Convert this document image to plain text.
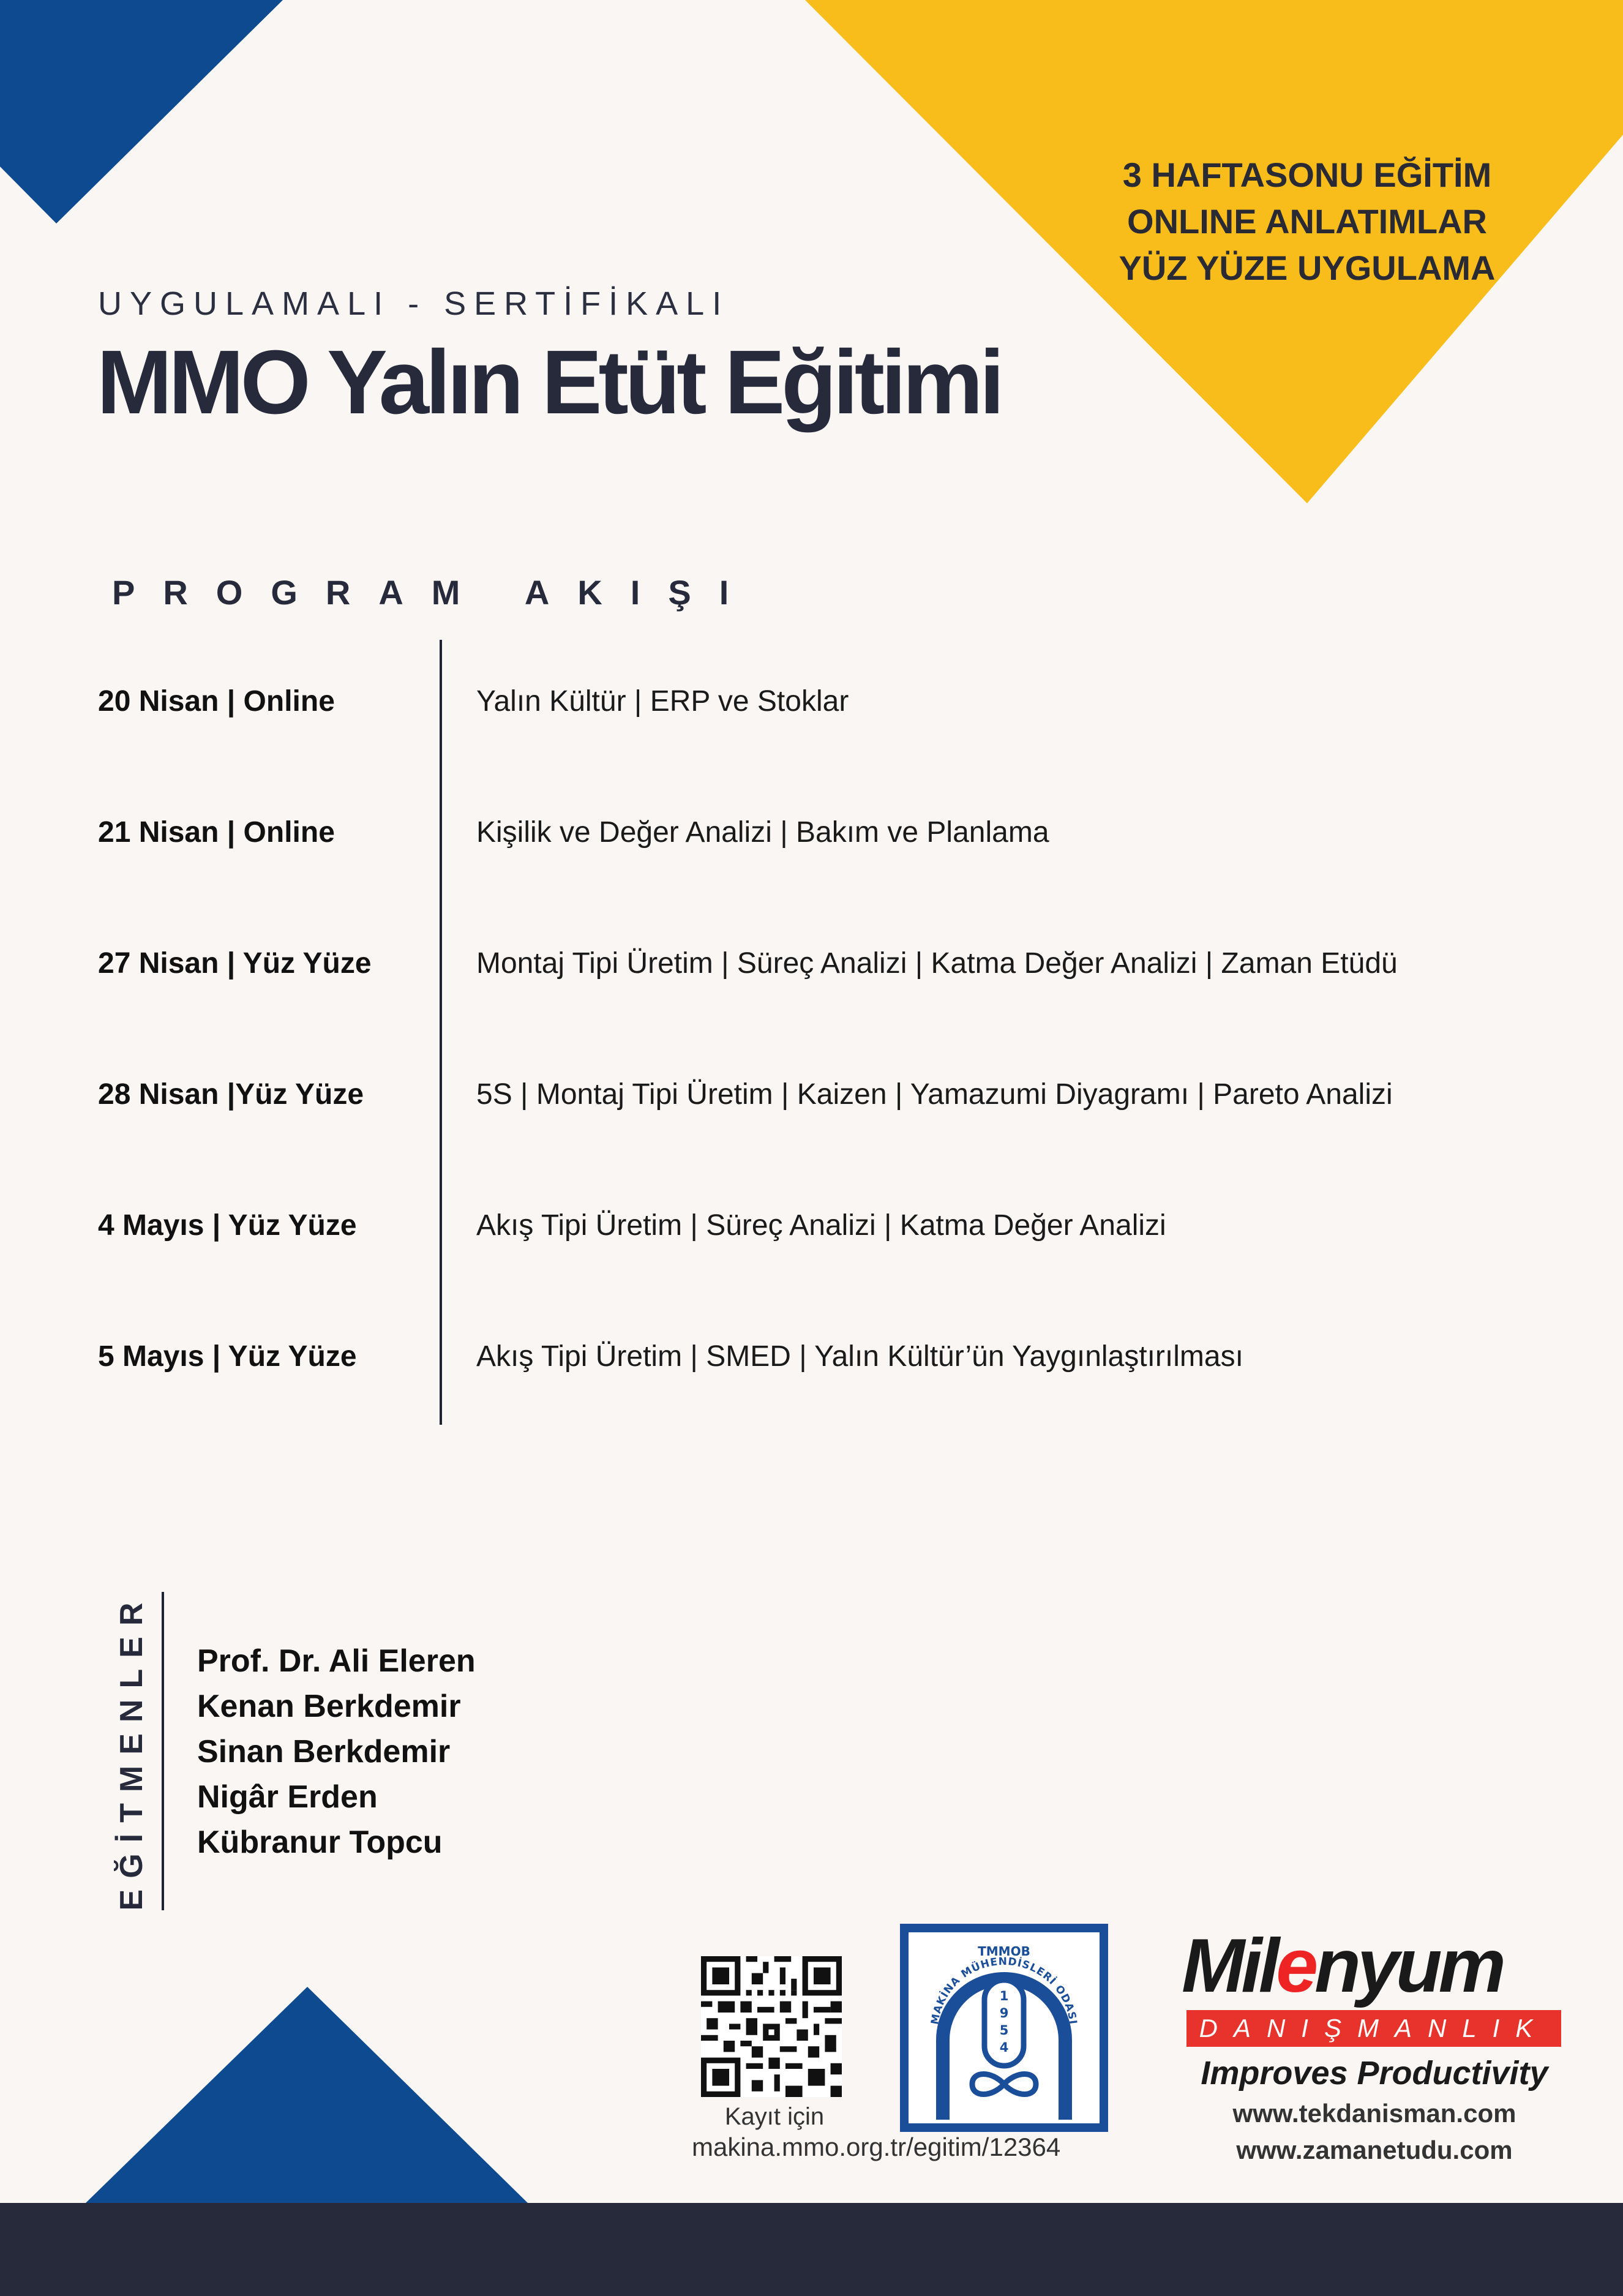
3 HAFTASONU EĞİTİM
ONLINE ANLATIMLAR
YÜZ YÜZE UYGULAMA
UYGULAMALI - SERTİFİKALI
MMO Yalın Etüt Eğitimi
PROGRAM AKIŞI
20 Nisan | Online	Yalın Kültür | ERP ve Stoklar
21 Nisan | Online	Kişilik ve Değer Analizi | Bakım ve Planlama
27 Nisan | Yüz Yüze	Montaj Tipi Üretim | Süreç Analizi | Katma Değer Analizi | Zaman Etüdü
28 Nisan |Yüz Yüze	5S | Montaj Tipi Üretim | Kaizen | Yamazumi Diyagramı | Pareto Analizi
4 Mayıs | Yüz Yüze	Akış Tipi Üretim | Süreç Analizi | Katma Değer Analizi
5 Mayıs | Yüz Yüze	Akış Tipi Üretim | SMED | Yalın Kültür’ün Yaygınlaştırılması
EĞİTMENLER Prof. Dr. Ali Eleren
Kenan Berkdemir
Sinan Berkdemir
Nigâr Erden
Kübranur Topcu
Kayıt için
makina.mmo.org.tr/egitim/12364
TMMOB
MAKİNA MÜHENDİSLERİ ODASI
1
9
5
4
Milenyum
DANIŞMANLIK
Improves Productivity
www.tekdanisman.com
www.zamanetudu.com
